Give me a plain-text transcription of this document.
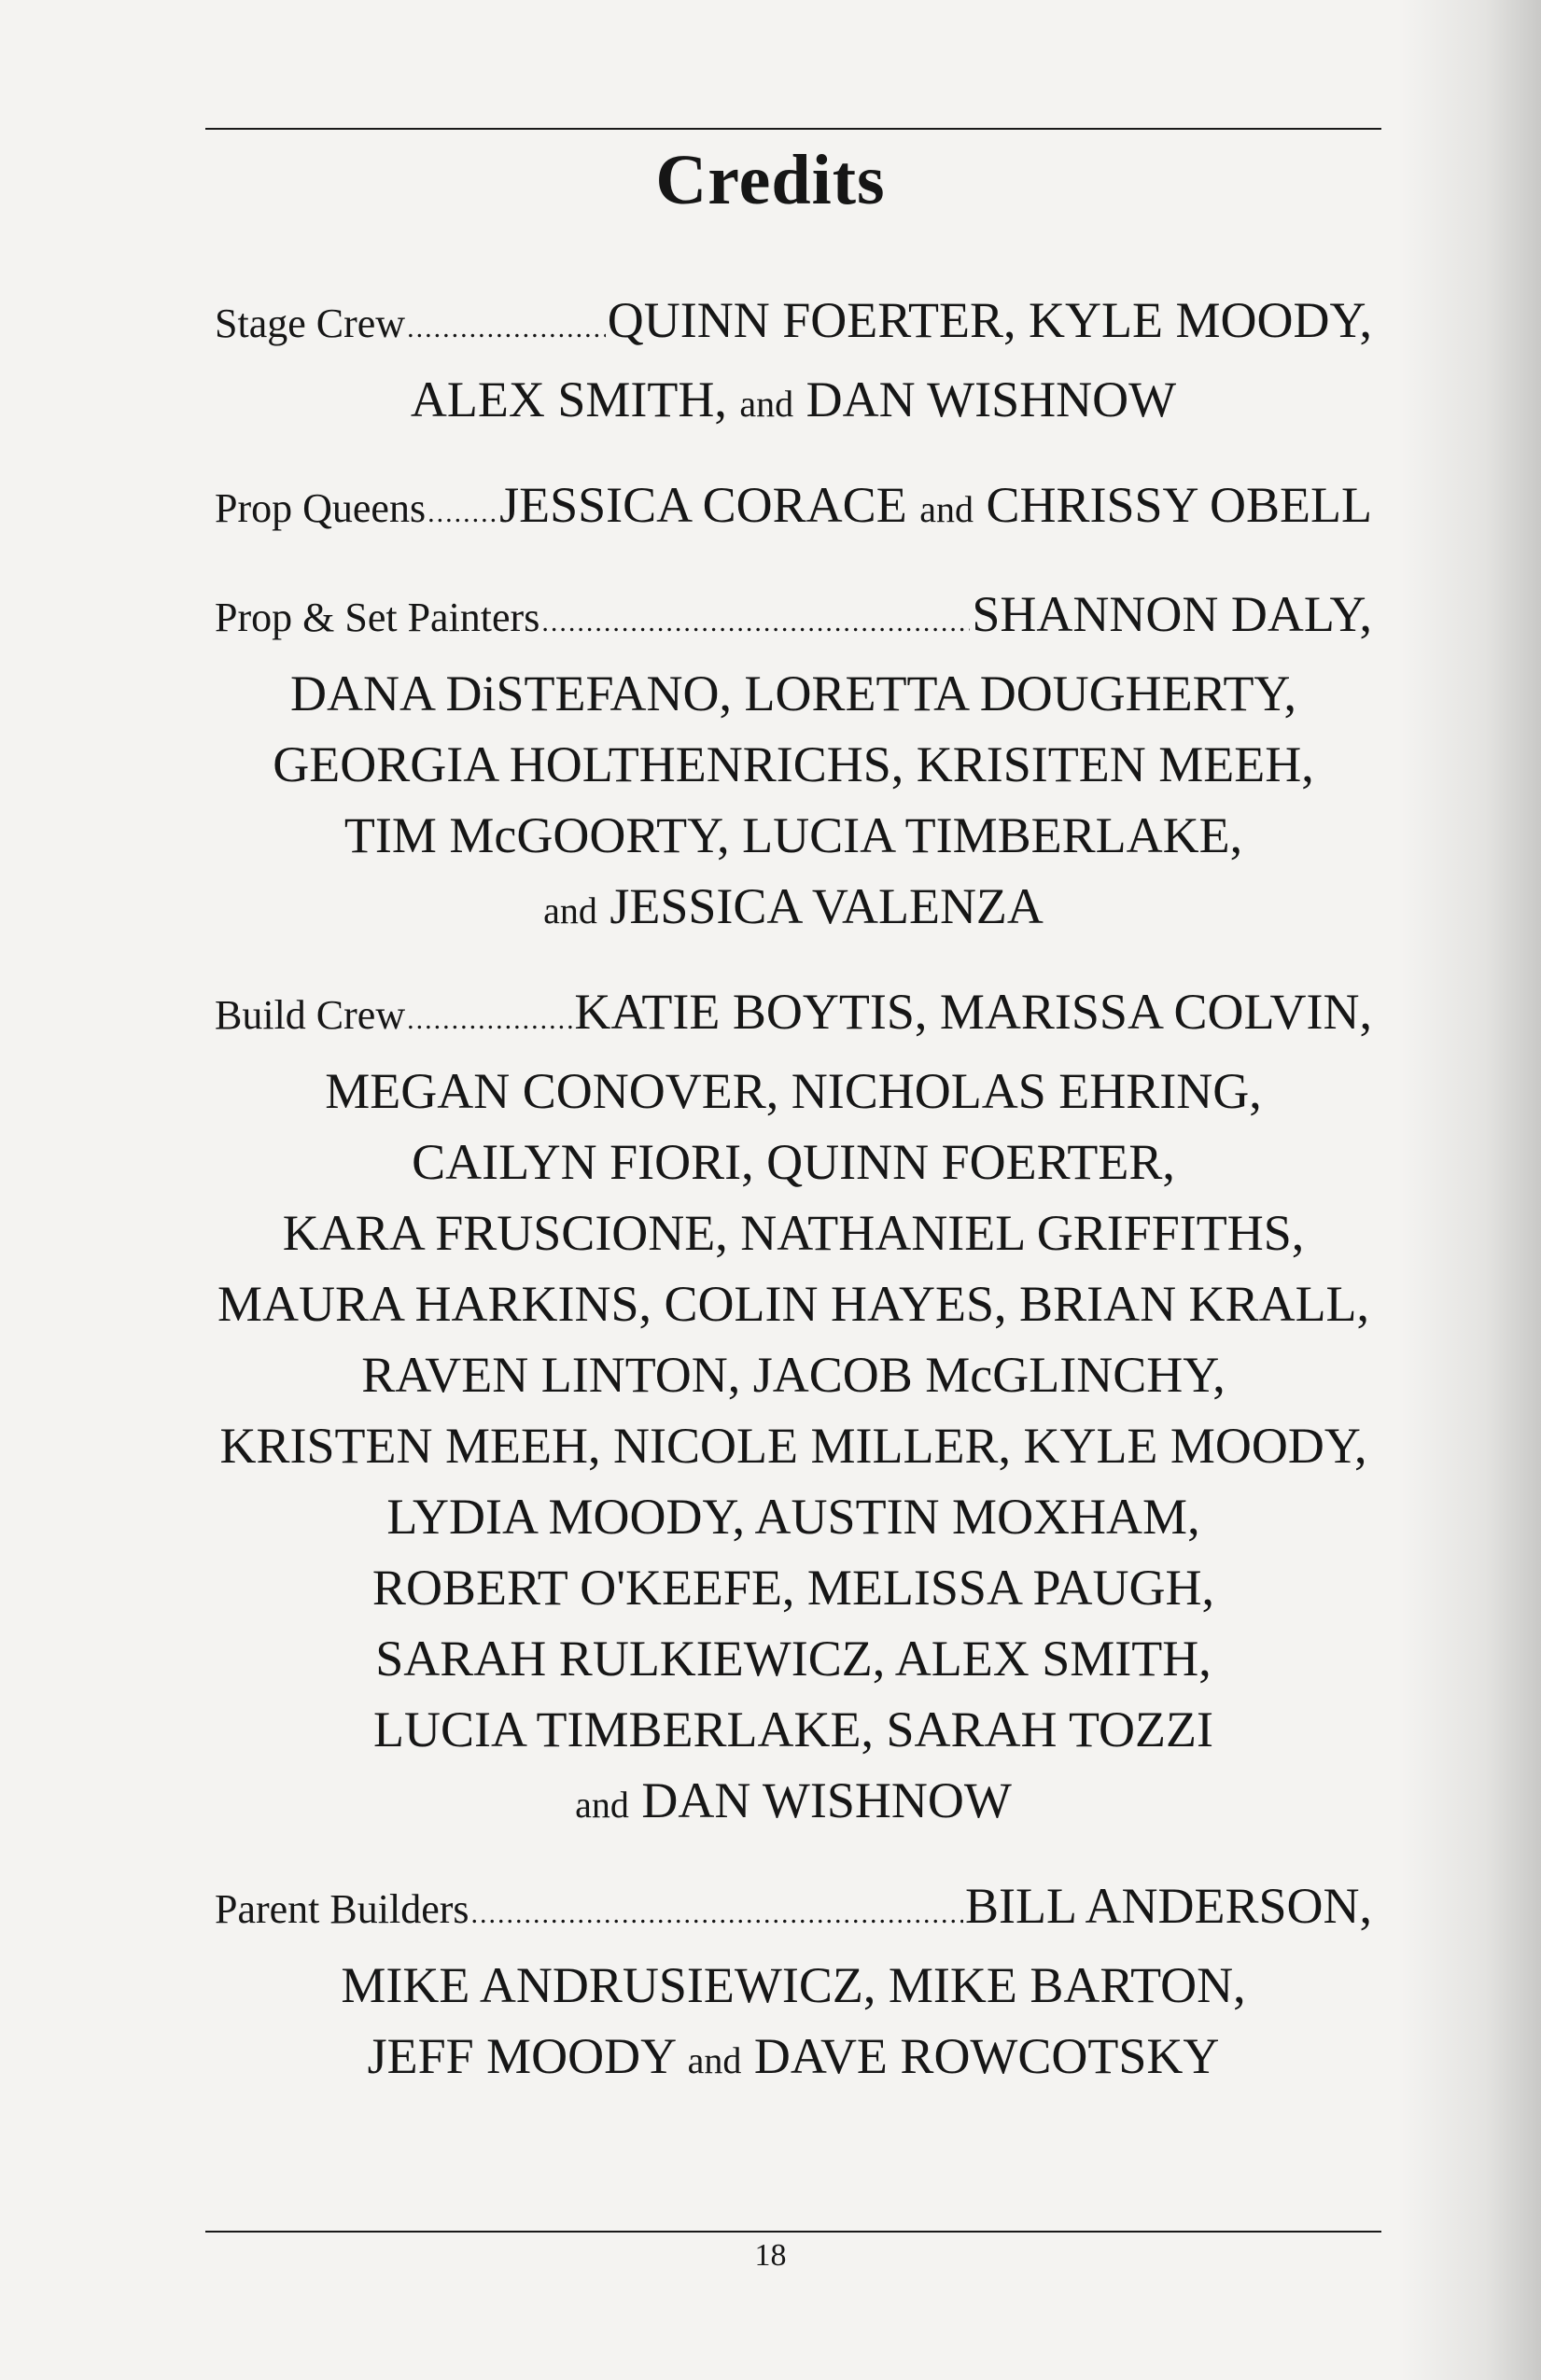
Credits
Stage Crew .....	QUINN FOERTER, KYLE MOODY,
ALEX SMITH, and DAN WISHNOW
Prop Queens ..... JESSICA CORACE and CHRISSY OBELL
Prop & Set Painters .....	SHANNON DALY,
DANA DiSTEFANO, LORETTA DOUGHERTY,
GEORGIA HOLTHENRICHS, KRISITEN MEEH,
TIM McGOORTY, LUCIA TIMBERLAKE,
and JESSICA VALENZA
Build Crew .....	KATIE BOYTIS, MARISSA COLVIN,
MEGAN CONOVER, NICHOLAS EHRING,
CAILYN FIORI, QUINN FOERTER,
KARA FRUSCIONE, NATHANIEL GRIFFITHS,
MAURA HARKINS, COLIN HAYES, BRIAN KRALL,
RAVEN LINTON, JACOB McGLINCHY,
KRISTEN MEEH, NICOLE MILLER, KYLE MOODY,
LYDIA MOODY, AUSTIN MOXHAM,
ROBERT O'KEEFE, MELISSA PAUGH,
SARAH RULKIEWICZ, ALEX SMITH,
LUCIA TIMBERLAKE, SARAH TOZZI
and DAN WISHNOW
Parent Builders .....	BILL ANDERSON,
MIKE ANDRUSIEWICZ, MIKE BARTON,
JEFF MOODY and DAVE ROWCOTSKY
18
